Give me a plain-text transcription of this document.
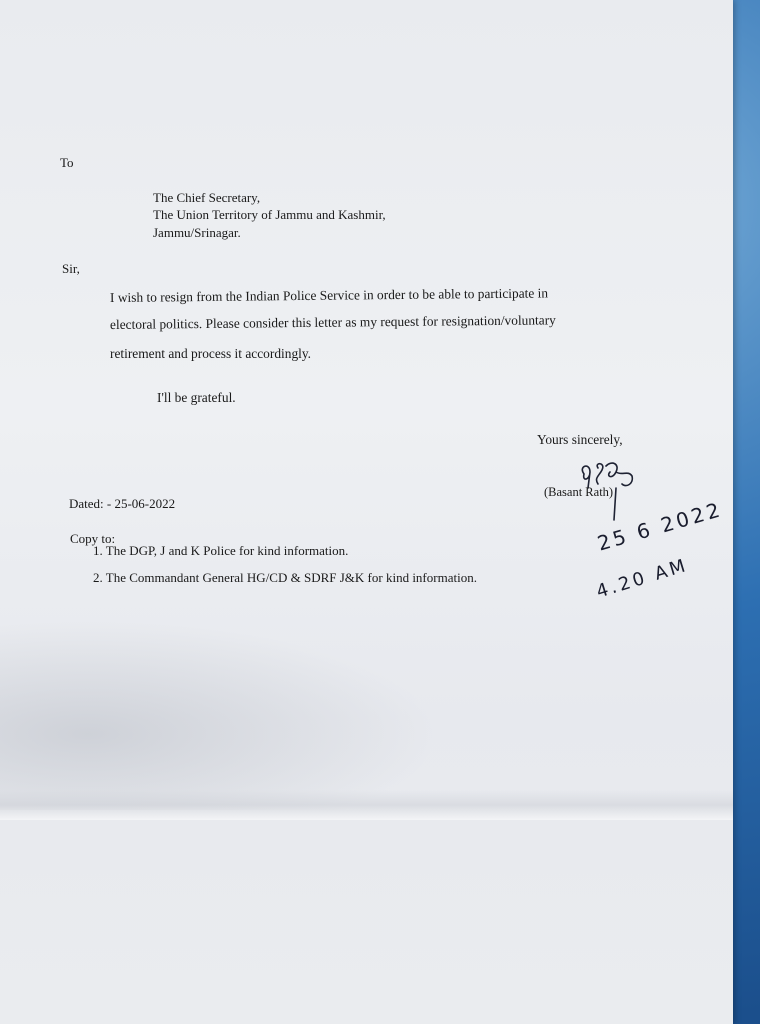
To
The Chief Secretary,
The Union Territory of Jammu and Kashmir,
Jammu/Srinagar.
Sir,
I wish to resign from the Indian Police Service in order to be able to participate in
electoral politics. Please consider this letter as my request for resignation/voluntary
retirement and process it accordingly.
I'll be grateful.
Yours sincerely,
(Basant Rath)
Dated: - 25-06-2022
Copy to:
1. The DGP, J and K Police for kind information.
2. The Commandant General HG/CD & SDRF J&K for kind information.
25 6 2022
4.20 AM
